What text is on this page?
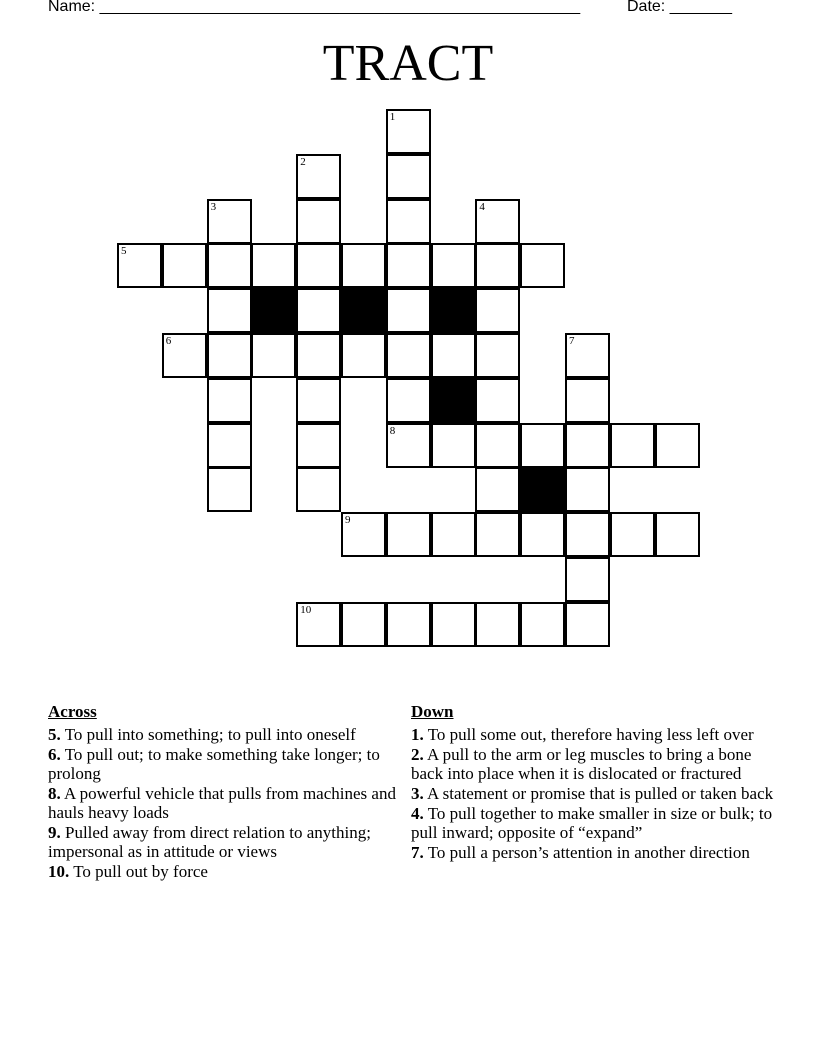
Name: ______________________________________________________	Date: _______
TRACT
1
2
3	4
5
6	7
8
9
10
Across
5. To pull into something; to pull into oneself
6. To pull out; to make something take longer; to prolong
8. A powerful vehicle that pulls from machines and hauls heavy loads
9. Pulled away from direct relation to anything; impersonal as in attitude or views
10. To pull out by force
Down
1. To pull some out, therefore having less left over
2. A pull to the arm or leg muscles to bring a bone back into place when it is dislocated or fractured
3. A statement or promise that is pulled or taken back
4. To pull together to make smaller in size or bulk; to pull inward; opposite of “expand”
7. To pull a person’s attention in another direction
